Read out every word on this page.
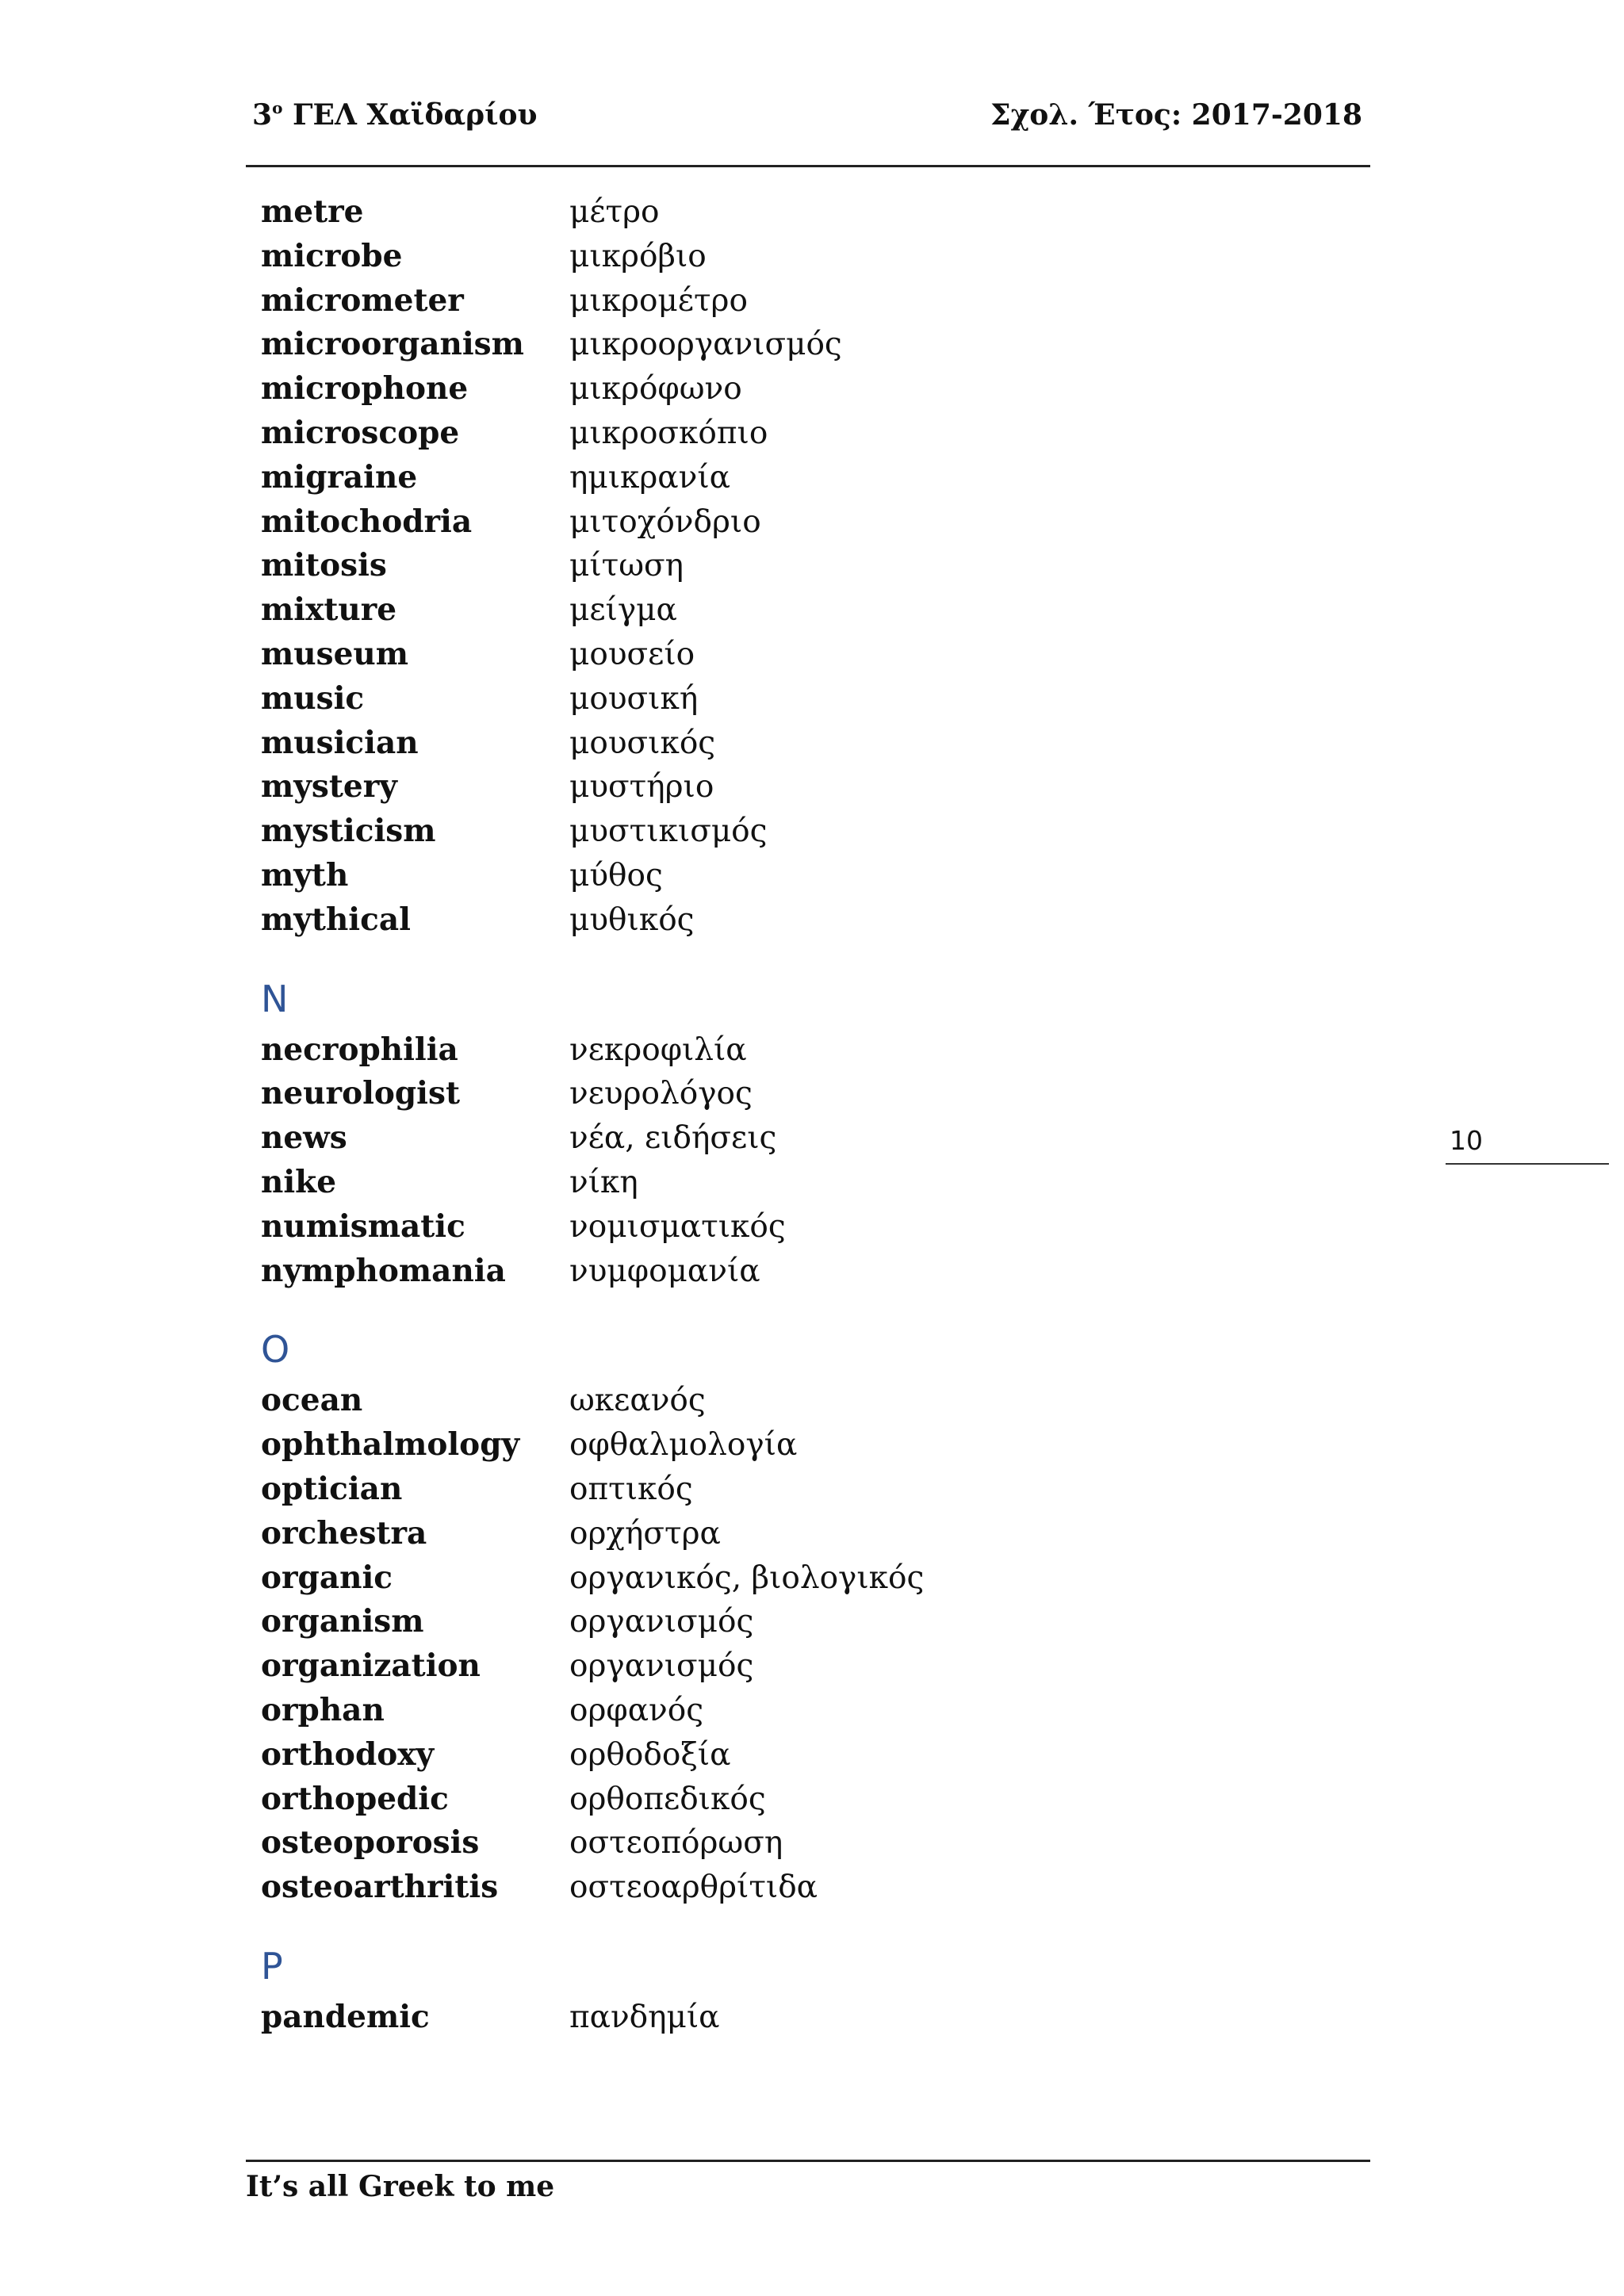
$3^o$ ΓΕΛ Χαϊδαρίου	Σχολ. Έτος: 2017-2018
metre	μέτρο
microbe	μικρόβιο
micrometer	μικρομέτρο
microorganism μικροοργανισμός
microphone	μικρόφωνο
microscope	μικροσκόπιο
migraine	ημικρανία
mitochodria	μιτοχόνδριο
mitosis	μίτωση
mixture	μείγμα
museum	μουσείο
music	μουσική
musician	μουσικός
mystery	μυστήριο
mysticism	μυστικισμός
myth	μύθος
mythical	μυθικός
N
necrophilia	νεκροφιλία
neurologist	νευρολόγος
news	νέα, ειδήσεις
nike	νίκη
numismatic	νομισματικός
nymphomania νυμφομανία
O
ocean	ωκεανός
ophthalmology οφθαλμολογία
optician	οπτικός
orchestra	ορχήστρα
organic	οργανικός, βιολογικός
organism	οργανισμός
organization	οργανισμός
orphan	ορφανός
orthodoxy	ορθοδοξία
orthopedic	ορθοπεδικός
osteoporosis	οστεοπόρωση
osteoarthritis οστεοαρθρίτιδα
P
pandemic	πανδημία
10
It’s all Greek to me
